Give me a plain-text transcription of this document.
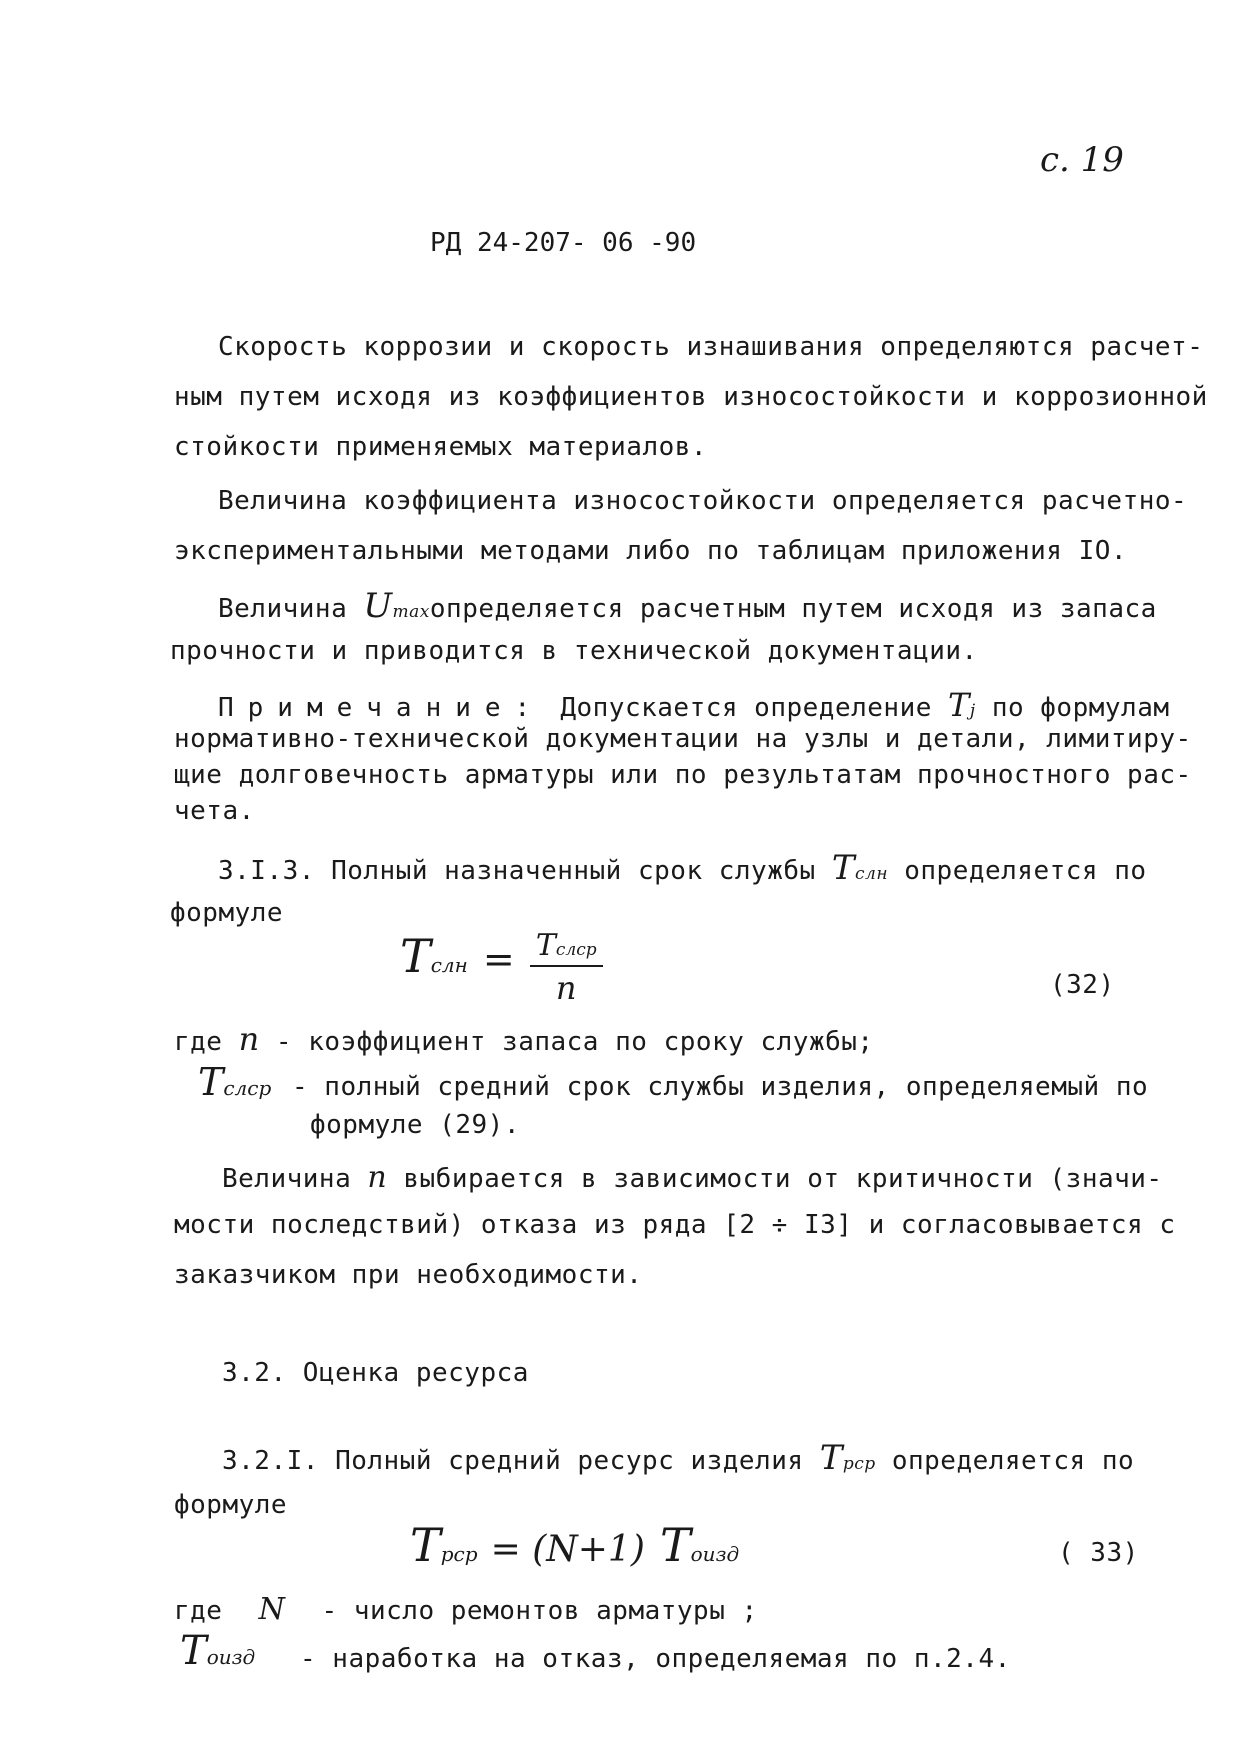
с. 19
РД 24-207- 06 -90
Скорость коррозии и скорость изнашивания определяются расчет-
ным путем исходя из коэффициентов износостойкости и коррозионной
стойкости применяемых материалов.
Величина коэффициента износостойкости определяется расчетно-
экспериментальными методами либо по таблицам приложения IO.
Величина Umaxопределяется расчетным путем исходя из запаса
прочности и приводится в технической документации.
Примечание: Допускается определение Tj по формулам
нормативно-технической документации на узлы и детали, лимитиру-
щие долговечность арматуры или по результатам прочностного рас-
чета.
3.I.3. Полный назначенный срок службы Tслн определяется по
формуле
Tслн = $\frac{\text{Tслср}}{n}$	(32)
где n - коэффициент запаса по сроку службы;
Tслср - полный средний срок службы изделия, определяемый по
формуле (29).
Величина n выбирается в зависимости от критичности (значи-
мости последствий) отказа из ряда [2 ÷ I3] и согласовывается с
заказчиком при необходимости.
3.2. Оценка ресурса
3.2.I. Полный средний ресурс изделия Tрср определяется по
формуле
Tрср = (N+1) Tоизд	( 33)
где N - число ремонтов арматуры ;
Tоизд - наработка на отказ, определяемая по п.2.4.
